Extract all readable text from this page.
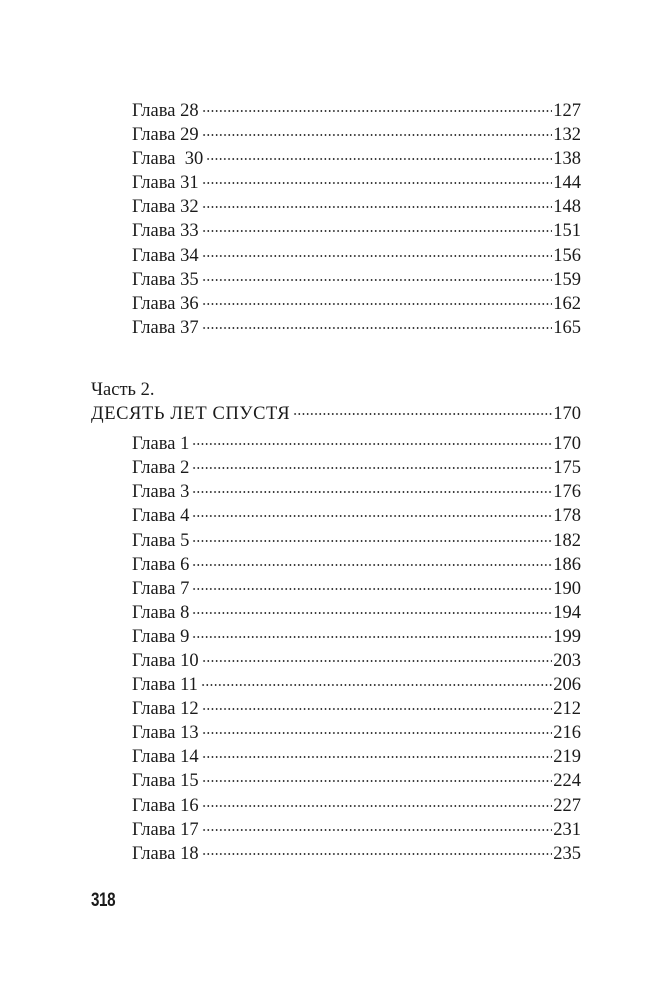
Глава 28	127
Глава 29	132
Глава  30	138
Глава 31	144
Глава 32	148
Глава 33	151
Глава 34	156
Глава 35	159
Глава 36	162
Глава 37	165
Часть 2.
ДЕСЯТЬ ЛЕТ СПУСТЯ	170
Глава 1	170
Глава 2	175
Глава 3	176
Глава 4	178
Глава 5	182
Глава 6	186
Глава 7	190
Глава 8	194
Глава 9	199
Глава 10	203
Глава 11	206
Глава 12	212
Глава 13	216
Глава 14	219
Глава 15	224
Глава 16	227
Глава 17	231
Глава 18	235
318
